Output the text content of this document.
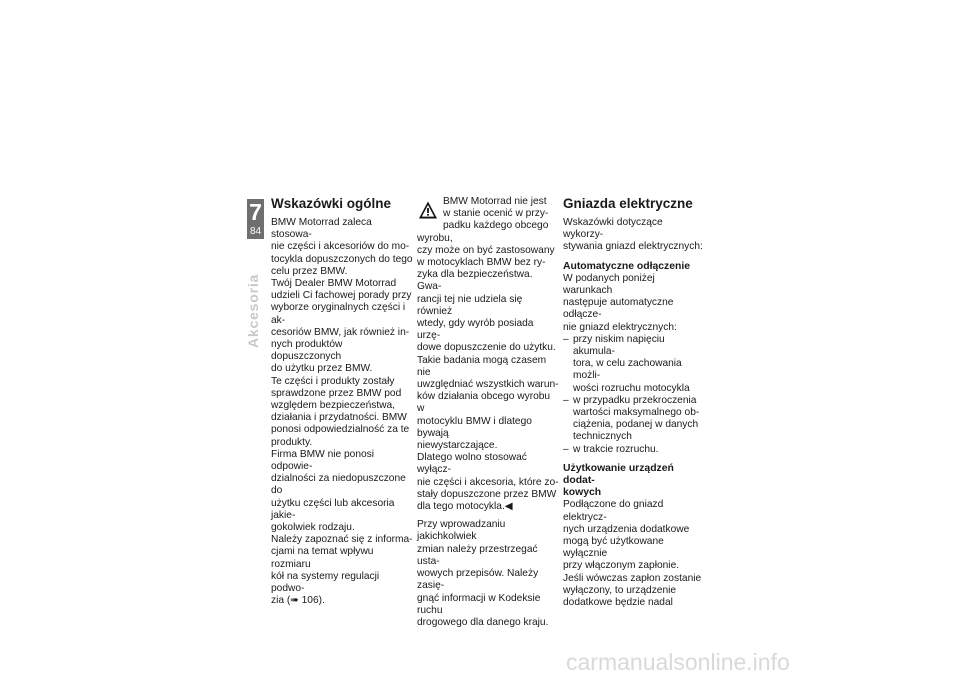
7
84
Akcesoria
Wskazówki ogólne

BMW Motorrad zaleca stosowa-

nie części i akcesoriów do mo-

tocykla dopuszczonych do tego

celu przez BMW.

Twój Dealer BMW Motorrad

udzieli Ci fachowej porady przy

wyborze oryginalnych części i ak-

cesoriów BMW, jak również in-

nych produktów dopuszczonych

do użytku przez BMW.

Te części i produkty zostały

sprawdzone przez BMW pod

względem bezpieczeństwa,

działania i przydatności. BMW

ponosi odpowiedzialność za te

produkty.

Firma BMW nie ponosi odpowie-

dzialności za niedopuszczone do

użytku części lub akcesoria jakie-

gokolwiek rodzaju.

Należy zapoznać się z informa-

cjami na temat wpływu rozmiaru

kół na systemy regulacji podwo-

zia (➠ 106).

BMW Motorrad nie jest

w stanie ocenić w przy-

padku każdego obcego wyrobu,

czy może on być zastosowany

w motocyklach BMW bez ry-

zyka dla bezpieczeństwa. Gwa-

rancji tej nie udziela się również

wtedy, gdy wyrób posiada urzę-

dowe dopuszczenie do użytku.

Takie badania mogą czasem nie

uwzględniać wszystkich warun-

ków działania obcego wyrobu w

motocyklu BMW i dlatego bywają

niewystarczające.

Dlatego wolno stosować wyłącz-

nie części i akcesoria, które zo-

stały dopuszczone przez BMW

dla tego motocykla.◀

Przy wprowadzaniu jakichkolwiek

zmian należy przestrzegać usta-

wowych przepisów. Należy zasię-

gnąć informacji w Kodeksie ruchu

drogowego dla danego kraju.

Gniazda elektryczne

Wskazówki dotyczące wykorzy-

stywania gniazd elektrycznych:

Automatyczne odłączenie

W podanych poniżej warunkach

następuje automatyczne odłącze-

nie gniazd elektrycznych:

– przy niskim napięciu akumula-

tora, w celu zachowania możli-

wości rozruchu motocykla

– w przypadku przekroczenia

wartości maksymalnego ob-

ciążenia, podanej w danych

technicznych

– w trakcie rozruchu.

Użytkowanie urządzeń dodat-
kowych

Podłączone do gniazd elektrycz-

nych urządzenia dodatkowe

mogą być użytkowane wyłącznie

przy włączonym zapłonie.

Jeśli wówczas zapłon zostanie

wyłączony, to urządzenie

dodatkowe będzie nadal

carmanualsonline.info
